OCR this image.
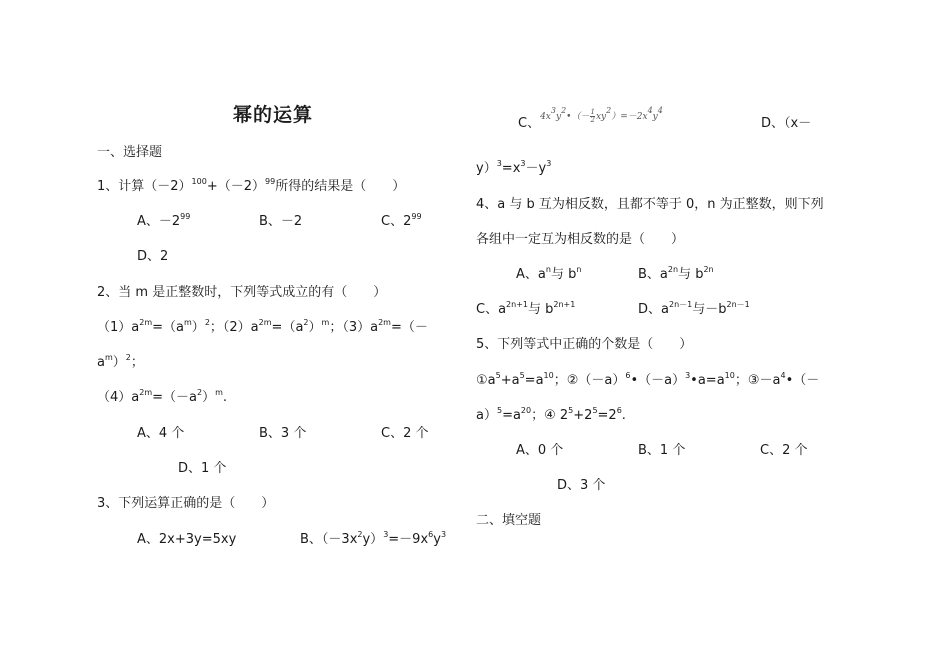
幂的运算
一、选择题
1、计算$(-2)^{100}+(-2)^{99}$所得的结果是（　　）
A、$-2^{99}$	B、－2	C、$2^{99}$
D、2
2、当 m 是正整数时，下列等式成立的有（　　）
$(1)a^{2m}=(a^m)^2$；$(2)a^{2m}=(a^2)^m$；$(3)a^{2m}=(-$
$a^m)^2$；
$(4)a^{2m}=(-a^2)^m$.
A、4 个	B、3 个	C、2 个
D、1 个
3、下列运算正确的是（　　）
A、2x+3y=5xy	B、$(-3x^2y)^3=-9x^6y^3$
C、$^{4x^3y^2•(- \frac{1}{2} xy^2)=-2x^4y^4}$
D、（x－
$y)^3=x^3-y^3$
4、a 与 b 互为相反数，且都不等于 0，n 为正整数，则下列
各组中一定互为相反数的是（　　）
A、$a^n$与 $b^n$	B、$a^{2n}$与 $b^{2n}$
C、$a^{2n+1}$与 $b^{2n+1}$	D、$a^{2n-1}$与$-b^{2n-1}$
5、下列等式中正确的个数是（　　）
$①a^5+a^5=a^{10}$；$②(-a)^6•(-a)^3•a=a^{10}$；$③-a^4•(-$
$a)^5=a^{20}$；④ $2^5+2^5=2^6$.
A、0 个	B、1 个	C、2 个
D、3 个
二、填空题
